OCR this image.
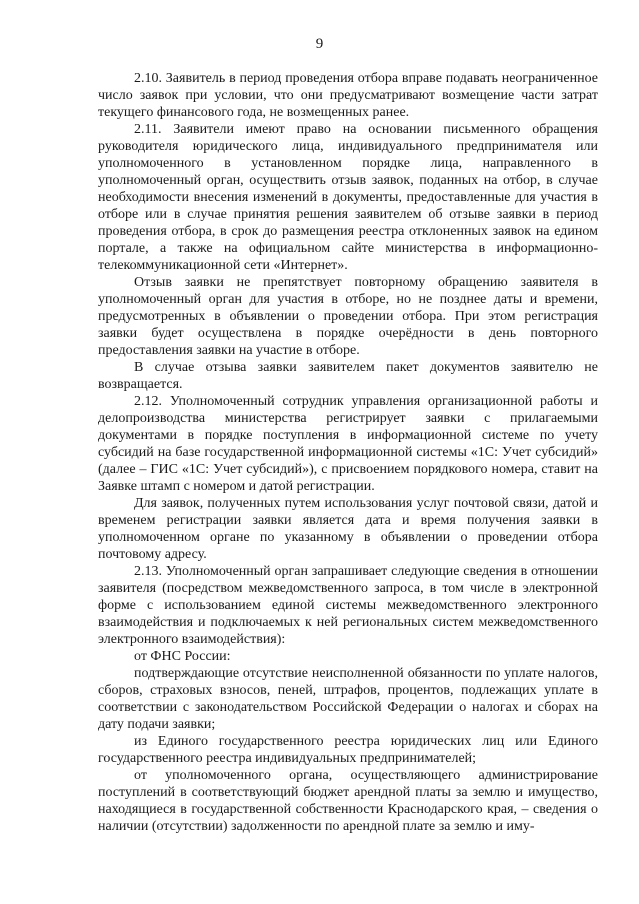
9

2.10. Заявитель в период проведения отбора вправе подавать неограниченное число заявок при условии, что они предусматривают возмещение части затрат текущего финансового года, не возмещенных ранее.

2.11. Заявители имеют право на основании письменного обращения руководителя юридического лица, индивидуального предпринимателя или уполномоченного в установленном порядке лица, направленного в уполномоченный орган, осуществить отзыв заявок, поданных на отбор, в случае необходимости внесения изменений в документы, предоставленные для участия в отборе или в случае принятия решения заявителем об отзыве заявки в период проведения отбора, в срок до размещения реестра отклоненных заявок на едином портале, а также на официальном сайте министерства в информационно-телекоммуникационной сети «Интернет».

Отзыв заявки не препятствует повторному обращению заявителя в уполномоченный орган для участия в отборе, но не позднее даты и времени, предусмотренных в объявлении о проведении отбора. При этом регистрация заявки будет осуществлена в порядке очерёдности в день повторного предоставления заявки на участие в отборе.

В случае отзыва заявки заявителем пакет документов заявителю не возвращается.

2.12. Уполномоченный сотрудник управления организационной работы и делопроизводства министерства регистрирует заявки с прилагаемыми документами в порядке поступления в информационной системе по учету субсидий на базе государственной информационной системы «1С: Учет субсидий» (далее – ГИС «1С: Учет субсидий»), с присвоением порядкового номера, ставит на Заявке штамп с номером и датой регистрации.

Для заявок, полученных путем использования услуг почтовой связи, датой и временем регистрации заявки является дата и время получения заявки в уполномоченном органе по указанному в объявлении о проведении отбора почтовому адресу.

2.13. Уполномоченный орган запрашивает следующие сведения в отношении заявителя (посредством межведомственного запроса, в том числе в электронной форме с использованием единой системы межведомственного электронного взаимодействия и подключаемых к ней региональных систем межведомственного электронного взаимодействия):

от ФНС России:

подтверждающие отсутствие неисполненной обязанности по уплате налогов, сборов, страховых взносов, пеней, штрафов, процентов, подлежащих уплате в соответствии с законодательством Российской Федерации о налогах и сборах на дату подачи заявки;

из Единого государственного реестра юридических лиц или Единого государственного реестра индивидуальных предпринимателей;

от уполномоченного органа, осуществляющего администрирование поступлений в соответствующий бюджет арендной платы за землю и имущество, находящиеся в государственной собственности Краснодарского края, – сведения о наличии (отсутствии) задолженности по арендной плате за землю и иму-
